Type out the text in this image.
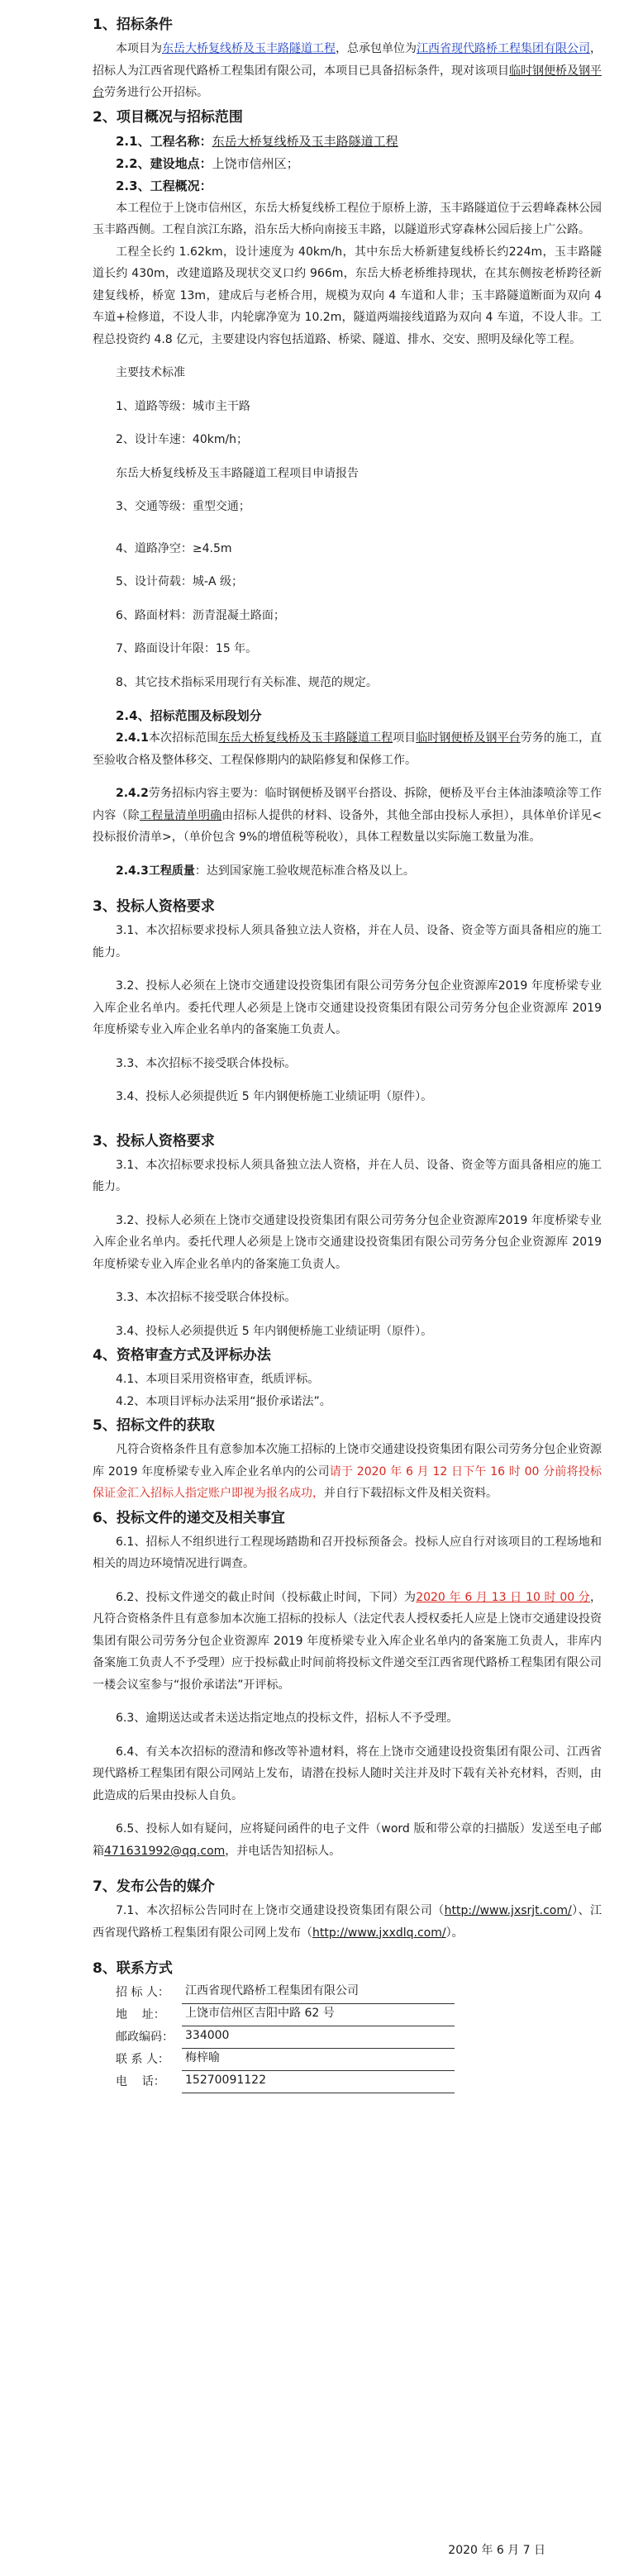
1、招标条件
本项目为东岳大桥复线桥及玉丰路隧道工程，总承包单位为江西省现代路桥工程集团有限公司，招标人为江西省现代路桥工程集团有限公司，本项目已具备招标条件，现对该项目临时钢便桥及钢平台劳务进行公开招标。
2、项目概况与招标范围
2.1、工程名称：东岳大桥复线桥及玉丰路隧道工程
2.2、建设地点：上饶市信州区；
2.3、工程概况：
本工程位于上饶市信州区，东岳大桥复线桥工程位于原桥上游，玉丰路隧道位于云碧峰森林公园玉丰路西侧。工程自滨江东路，沿东岳大桥向南接玉丰路，以隧道形式穿森林公园后接上广公路。
工程全长约 1.62km，设计速度为 40km/h，其中东岳大桥新建复线桥长约224m，玉丰路隧道长约 430m，改建道路及现状交叉口约 966m，东岳大桥老桥维持现状，在其东侧按老桥跨径新建复线桥，桥宽 13m，建成后与老桥合用，规模为双向 4 车道和人非；玉丰路隧道断面为双向 4 车道+检修道，不设人非，内轮廓净宽为 10.2m，隧道两端接线道路为双向 4 车道，不设人非。工程总投资约 4.8 亿元，主要建设内容包括道路、桥梁、隧道、排水、交安、照明及绿化等工程。
主要技术标准
1、道路等级：城市主干路
2、设计车速：40km/h；
东岳大桥复线桥及玉丰路隧道工程项目申请报告
3、交通等级：重型交通；
4、道路净空：≥4.5m
5、设计荷载：城-A 级；
6、路面材料：沥青混凝土路面；
7、路面设计年限：15 年。
8、其它技术指标采用现行有关标准、规范的规定。
2.4、招标范围及标段划分
2.4.1本次招标范围东岳大桥复线桥及玉丰路隧道工程项目临时钢便桥及钢平台劳务的施工，直至验收合格及整体移交、工程保修期内的缺陷修复和保修工作。
2.4.2劳务招标内容主要为：临时钢便桥及钢平台搭设、拆除，便桥及平台主体油漆喷涂等工作内容（除工程量清单明确由招标人提供的材料、设备外，其他全部由投标人承担），具体单价详见<投标报价清单>，（单价包含 9%的增值税等税收），具体工程数量以实际施工数量为准。
2.4.3工程质量：达到国家施工验收规范标准合格及以上。
3、投标人资格要求
3.1、本次招标要求投标人须具备独立法人资格，并在人员、设备、资金等方面具备相应的施工能力。
3.2、投标人必须在上饶市交通建设投资集团有限公司劳务分包企业资源库2019 年度桥梁专业入库企业名单内。委托代理人必须是上饶市交通建设投资集团有限公司劳务分包企业资源库 2019 年度桥梁专业入库企业名单内的备案施工负责人。
3.3、本次招标不接受联合体投标。
3.4、投标人必须提供近 5 年内钢便桥施工业绩证明（原件）。
3、投标人资格要求
3.1、本次招标要求投标人须具备独立法人资格，并在人员、设备、资金等方面具备相应的施工能力。
3.2、投标人必须在上饶市交通建设投资集团有限公司劳务分包企业资源库2019 年度桥梁专业入库企业名单内。委托代理人必须是上饶市交通建设投资集团有限公司劳务分包企业资源库 2019 年度桥梁专业入库企业名单内的备案施工负责人。
3.3、本次招标不接受联合体投标。
3.4、投标人必须提供近 5 年内钢便桥施工业绩证明（原件）。
4、资格审查方式及评标办法
4.1、本项目采用资格审查，纸质评标。
4.2、本项目评标办法采用“报价承诺法”。
5、招标文件的获取
凡符合资格条件且有意参加本次施工招标的上饶市交通建设投资集团有限公司劳务分包企业资源库 2019 年度桥梁专业入库企业名单内的公司请于 2020 年 6 月 12 日下午 16 时 00 分前将投标保证金汇入招标人指定账户即视为报名成功，并自行下载招标文件及相关资料。
6、投标文件的递交及相关事宜
6.1、招标人不组织进行工程现场踏勘和召开投标预备会。投标人应自行对该项目的工程场地和相关的周边环境情况进行调查。
6.2、投标文件递交的截止时间（投标截止时间，下同）为2020 年 6 月 13 日 10 时 00 分，凡符合资格条件且有意参加本次施工招标的投标人（法定代表人授权委托人应是上饶市交通建设投资集团有限公司劳务分包企业资源库 2019 年度桥梁专业入库企业名单内的备案施工负责人，非库内备案施工负责人不予受理）应于投标截止时间前将投标文件递交至江西省现代路桥工程集团有限公司一楼会议室参与“报价承诺法”开评标。
6.3、逾期送达或者未送达指定地点的投标文件，招标人不予受理。
6.4、有关本次招标的澄清和修改等补遗材料，将在上饶市交通建设投资集团有限公司、江西省现代路桥工程集团有限公司网站上发布，请潜在投标人随时关注并及时下载有关补充材料，否则，由此造成的后果由投标人自负。
6.5、投标人如有疑问，应将疑问函件的电子文件（word 版和带公章的扫描版）发送至电子邮箱471631992@qq.com，并电话告知招标人。
7、发布公告的媒介
7.1、本次招标公告同时在上饶市交通建设投资集团有限公司（http://www.jxsrjt.com/）、江西省现代路桥工程集团有限公司网上发布（http://www.jxxdlq.com/）。
8、联系方式
招 标 人：	江西省现代路桥工程集团有限公司
地    址：	上饶市信州区吉阳中路 62 号
邮政编码：	334000
联 系 人：	梅梓喻
电    话：	15270091122
2020 年 6 月 7 日
